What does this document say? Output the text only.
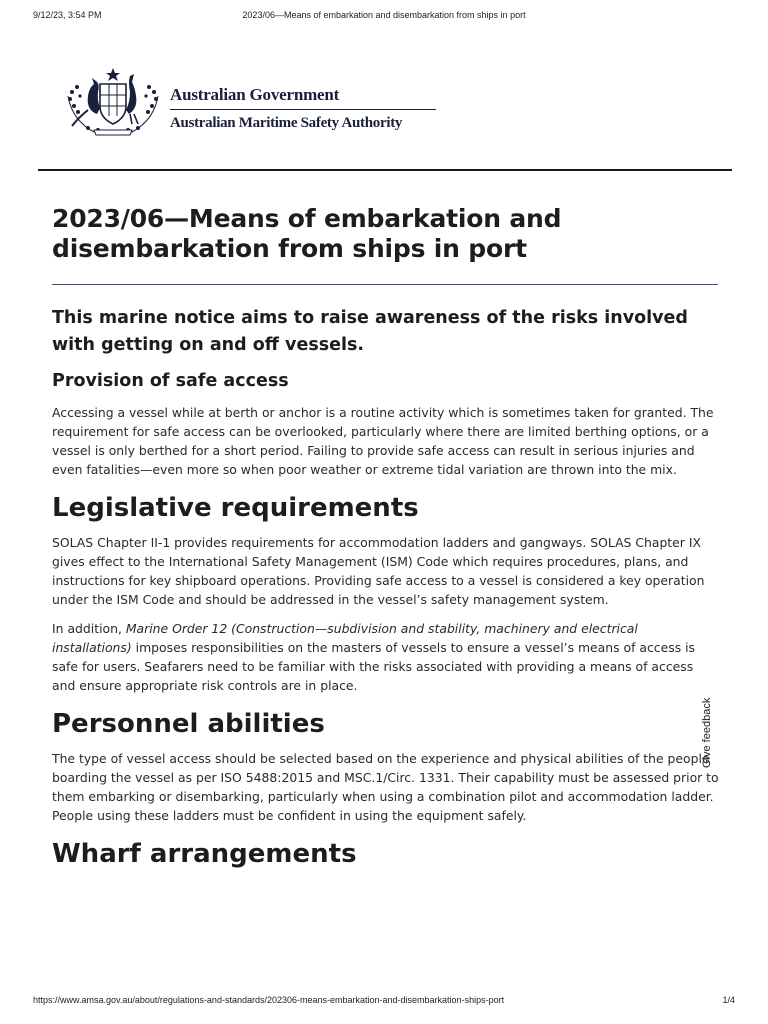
9/12/23, 3:54 PM	2023/06—Means of embarkation and disembarkation from ships in port
Australian Government
Australian Maritime Safety Authority
2023/06—Means of embarkation and disembarkation from ships in port

This marine notice aims to raise awareness of the risks involved with getting on and off vessels.

Provision of safe access

Accessing a vessel while at berth or anchor is a routine activity which is sometimes taken for granted. The requirement for safe access can be overlooked, particularly where there are limited berthing options, or a vessel is only berthed for a short period. Failing to provide safe access can result in serious injuries and even fatalities—even more so when poor weather or extreme tidal variation are thrown into the mix.

Legislative requirements

SOLAS Chapter II-1 provides requirements for accommodation ladders and gangways. SOLAS Chapter IX gives effect to the International Safety Management (ISM) Code which requires procedures, plans, and instructions for key shipboard operations. Providing safe access to a vessel is considered a key operation under the ISM Code and should be addressed in the vessel’s safety management system.

In addition, Marine Order 12 (Construction—subdivision and stability, machinery and electrical installations) imposes responsibilities on the masters of vessels to ensure a vessel’s means of access is safe for users. Seafarers need to be familiar with the risks associated with providing a means of access and ensure appropriate risk controls are in place.

Personnel abilities

The type of vessel access should be selected based on the experience and physical abilities of the people boarding the vessel as per ISO 5488:2015 and MSC.1/Circ. 1331. Their capability must be assessed prior to them embarking or disembarking, particularly when using a combination pilot and accommodation ladder. People using these ladders must be confident in using the equipment safely.

Wharf arrangements
Give feedback
https://www.amsa.gov.au/about/regulations-and-standards/202306-means-embarkation-and-disembarkation-ships-port	1/4
